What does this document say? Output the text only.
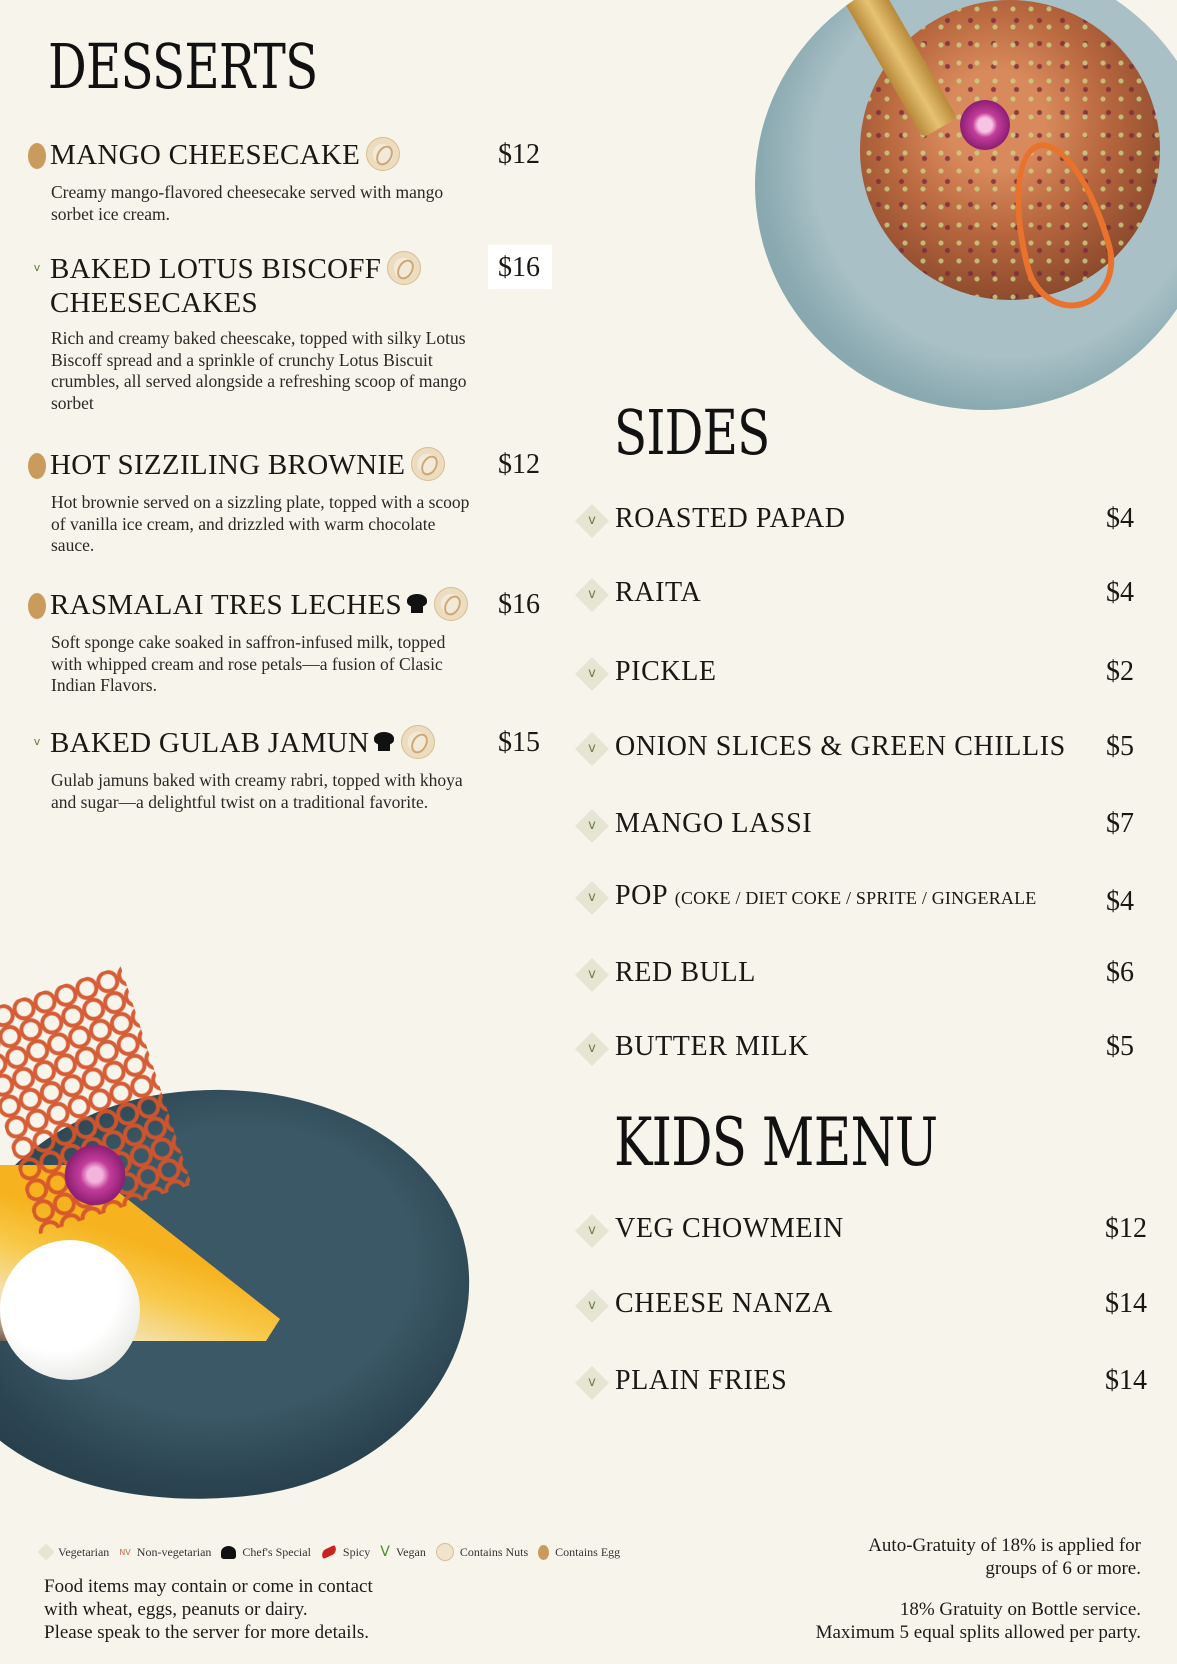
DESSERTS
MANGO CHEESECAKE
Creamy mango-flavored cheesecake served with mango sorbet ice cream.
$12
v BAKED LOTUS BISCOFF
CHEESECAKES
Rich and creamy baked cheescake, topped with silky Lotus Biscoff spread and a sprinkle of crunchy Lotus Biscuit crumbles, all served alongside a refreshing scoop of mango sorbet
$16
HOT SIZZILING BROWNIE
Hot brownie served on a sizzling plate, topped with a scoop of vanilla ice cream, and drizzled with warm chocolate sauce.
$12
RASMALAI TRES LECHES
Soft sponge cake soaked in saffron-infused milk, topped with whipped cream and rose petals—a fusion of Clasic Indian Flavors.
$16
v BAKED GULAB JAMUN
Gulab jamuns baked with creamy rabri, topped with khoya and sugar—a delightful twist on a traditional favorite.
$15
SIDES
v ROASTED PAPAD	$4
v RAITA	$4
v PICKLE	$2
v ONION SLICES & GREEN CHILLIS $5
v MANGO LASSI	$7
v POP (COKE / DIET COKE / SPRITE / GINGERALE $4
v RED BULL	$6
v BUTTER MILK	$5
KIDS MENU
v VEG CHOWMEIN	$12
v CHEESE NANZA	$14
v PLAIN FRIES	$14
Vegetarian NV Non-vegetarian	Chef's Special	Spicy V Vegan	Contains Nuts Contains Egg
Food items may contain or come in contact
with wheat, eggs, peanuts or dairy.
Please speak to the server for more details.
Auto-Gratuity of 18% is applied for
groups of 6 or more.
18% Gratuity on Bottle service.
Maximum 5 equal splits allowed per party.
